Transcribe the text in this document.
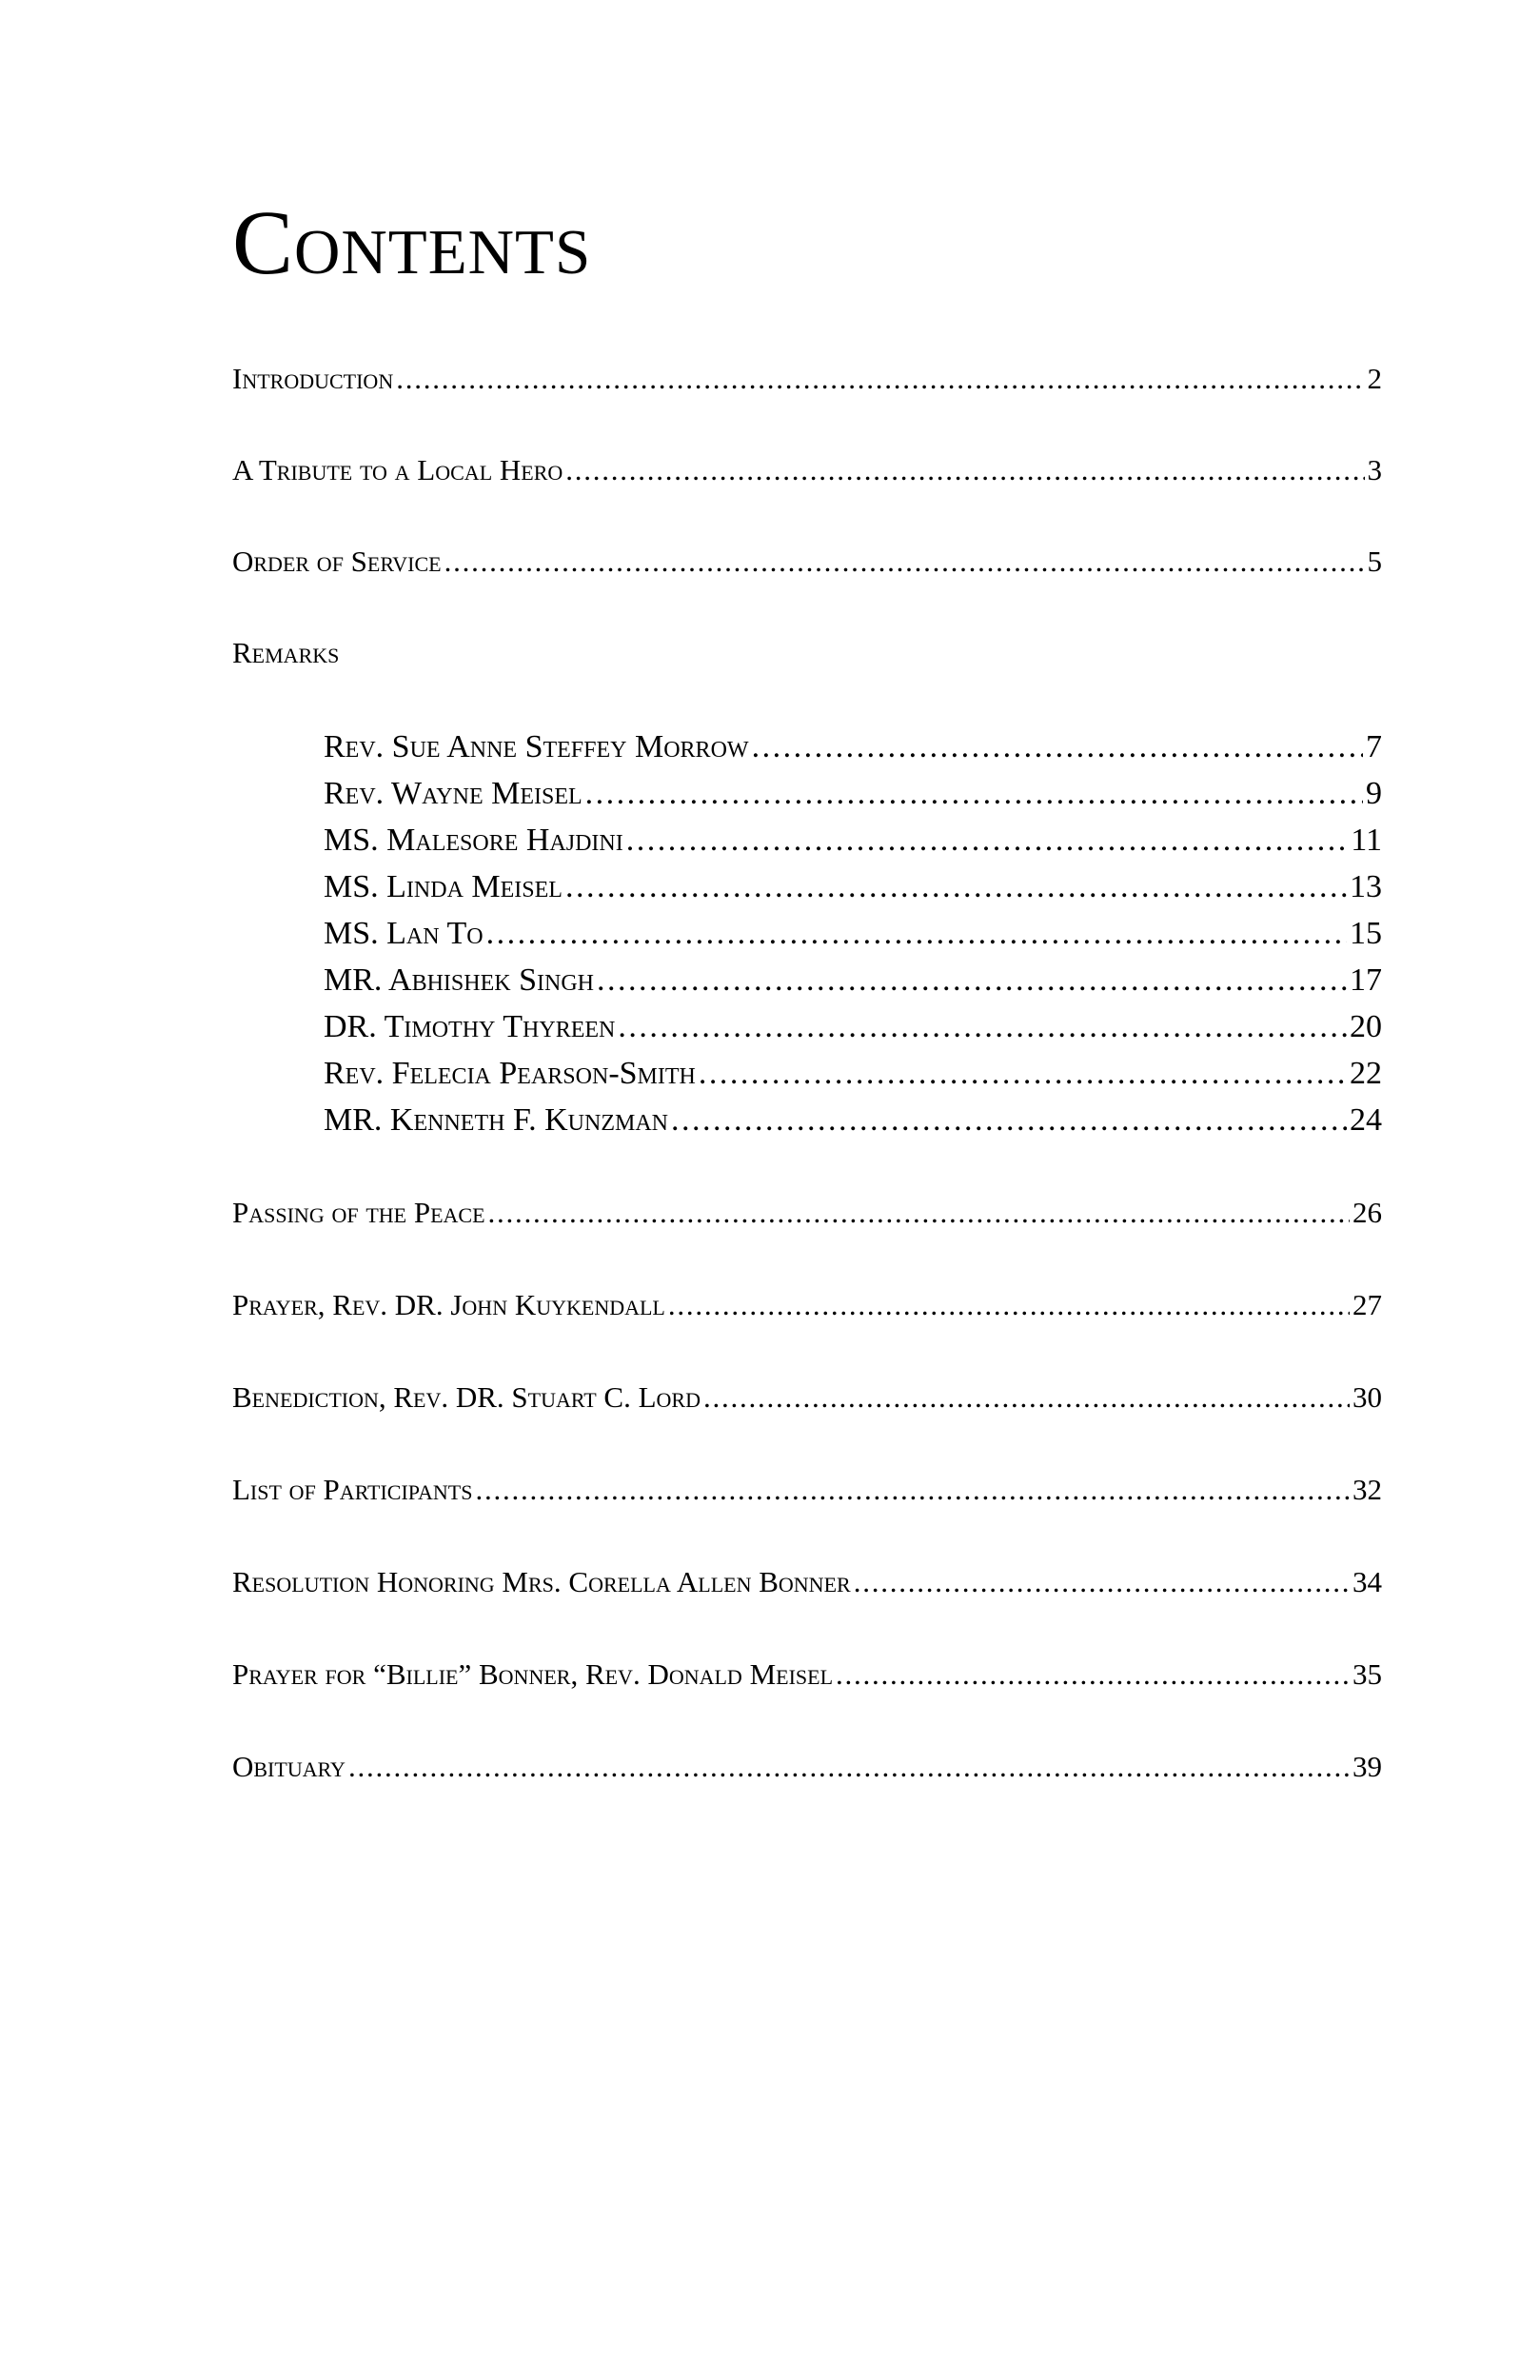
Contents
Introduction . . .	2
A Tribute to a Local Hero . . .	3
Order of Service . . .	5
Remarks
Rev. Sue Anne Steffey Morrow . . .	7
Rev. Wayne Meisel . . .	9
MS. Malesore Hajdini . . .	11
MS. Linda Meisel . . .	13
MS. Lan To . . .	15
MR. Abhishek Singh . . .	17
DR. Timothy Thyreen . . .	20
Rev. Felecia Pearson-Smith . . .	22
MR. Kenneth F. Kunzman . . .	24
Passing of the Peace . . .	26
Prayer, Rev. DR. John Kuykendall . . .	27
Benediction, Rev. DR. Stuart C. Lord . . .	30
List of Participants . . .	32
Resolution Honoring Mrs. Corella Allen Bonner . . .	34
Prayer for “Billie” Bonner, Rev. Donald Meisel . . .	35
Obituary . . .	39
